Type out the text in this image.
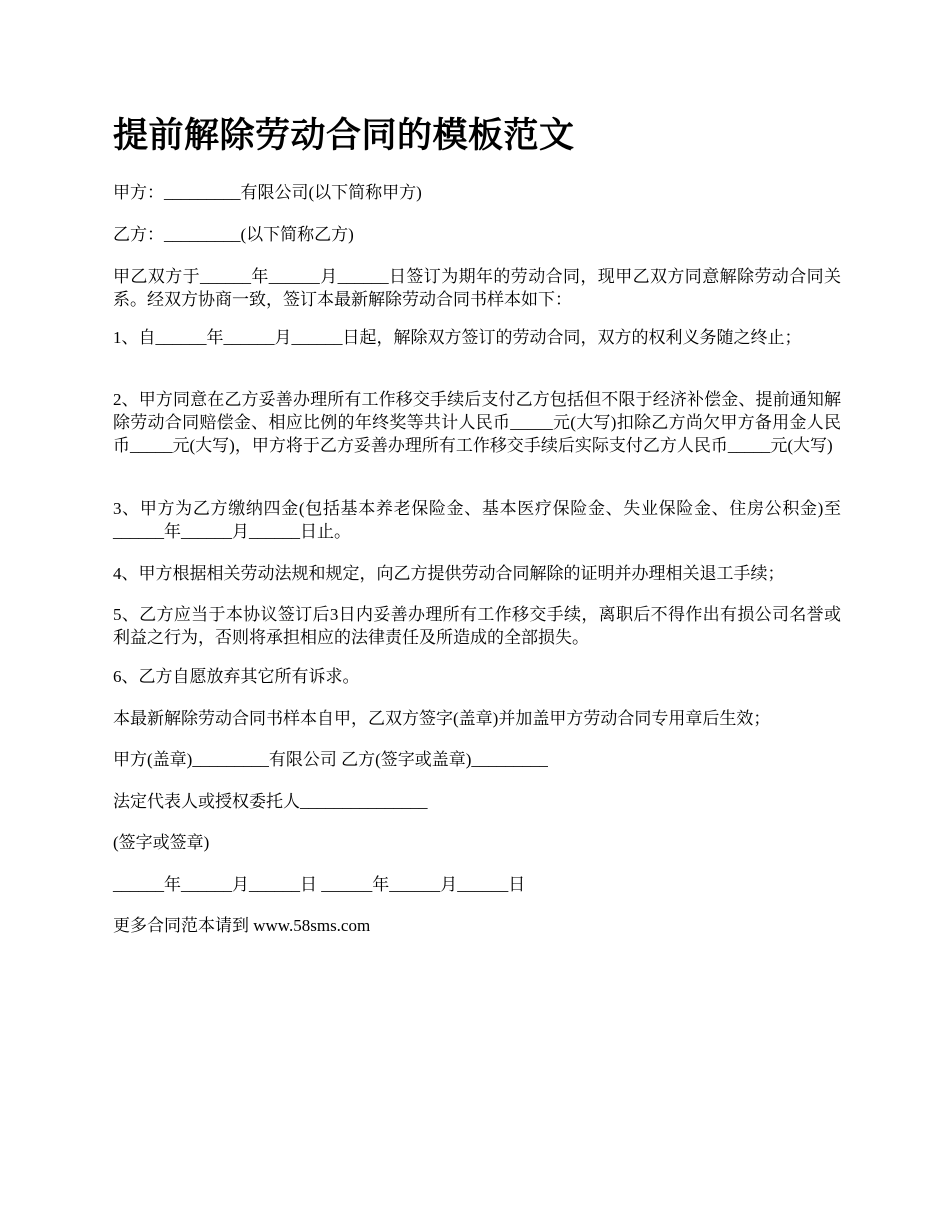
提前解除劳动合同的模板范文

甲方：_________有限公司(以下简称甲方)

乙方：_________(以下简称乙方)

甲乙双方于______年______月______日签订为期年的劳动合同，现甲乙双方同意解除劳动合同关系。经双方协商一致，签订本最新解除劳动合同书样本如下：

1、自______年______月______日起，解除双方签订的劳动合同，双方的权利义务随之终止；

2、甲方同意在乙方妥善办理所有工作移交手续后支付乙方包括但不限于经济补偿金、提前通知解除劳动合同赔偿金、相应比例的年终奖等共计人民币_____元(大写)扣除乙方尚欠甲方备用金人民币_____元(大写)，甲方将于乙方妥善办理所有工作移交手续后实际支付乙方人民币_____元(大写)

3、甲方为乙方缴纳四金(包括基本养老保险金、基本医疗保险金、失业保险金、住房公积金)至______年______月______日止。

4、甲方根据相关劳动法规和规定，向乙方提供劳动合同解除的证明并办理相关退工手续；

5、乙方应当于本协议签订后3日内妥善办理所有工作移交手续，离职后不得作出有损公司名誉或利益之行为，否则将承担相应的法律责任及所造成的全部损失。

6、乙方自愿放弃其它所有诉求。

本最新解除劳动合同书样本自甲，乙双方签字(盖章)并加盖甲方劳动合同专用章后生效；

甲方(盖章)_________有限公司 乙方(签字或盖章)_________

法定代表人或授权委托人_______________

(签字或签章)

______年______月______日 ______年______月______日

更多合同范本请到 www.58sms.com
